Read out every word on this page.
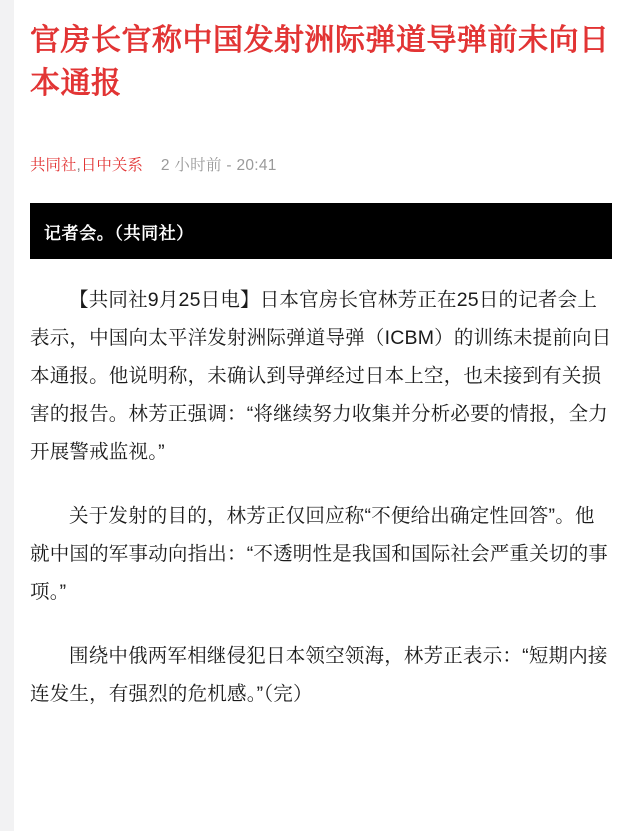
官房长官称中国发射洲际弹道导弹前未向日本通报
共同社 , 日中关系 2 小时前 - 20:41
记者会。（共同社）

【共同社9月25日电】日本官房长官林芳正在25日的记者会上表示，中国向太平洋发射洲际弹道导弹（ICBM）的训练未提前向日本通报。他说明称，未确认到导弹经过日本上空，也未接到有关损害的报告。林芳正强调：“将继续努力收集并分析必要的情报，全力开展警戒监视。”

关于发射的目的，林芳正仅回应称“不便给出确定性回答”。他就中国的军事动向指出：“不透明性是我国和国际社会严重关切的事项。”

围绕中俄两军相继侵犯日本领空领海，林芳正表示：“短期内接连发生，有强烈的危机感。”（完）
